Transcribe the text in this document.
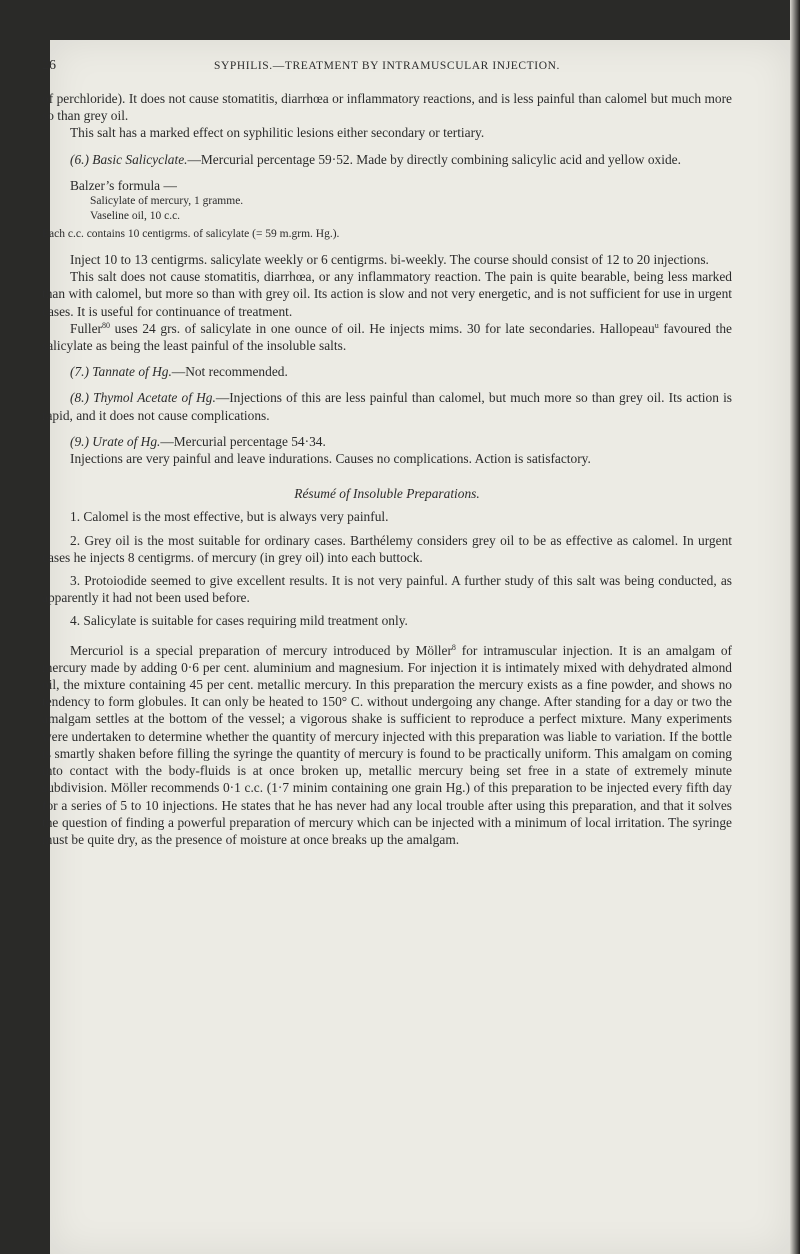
26	SYPHILIS.—TREATMENT BY INTRAMUSCULAR INJECTION.

of perchloride). It does not cause stomatitis, diarrhœa or inflammatory reactions, and is less painful than calomel but much more so than grey oil.

This salt has a marked effect on syphilitic lesions either secondary or tertiary.

(6.) Basic Salicyclate.—Mercurial percentage 59·52. Made by directly combining salicylic acid and yellow oxide.

Balzer’s formula —

Salicylate of mercury, 1 gramme.

Vaseline oil, 10 c.c.

Each c.c. contains 10 centigrms. of salicylate (= 59 m.grm. Hg.).

Inject 10 to 13 centigrms. salicylate weekly or 6 centigrms. bi-weekly. The course should consist of 12 to 20 injections.

This salt does not cause stomatitis, diarrhœa, or any inflammatory reaction. The pain is quite bearable, being less marked than with calomel, but more so than with grey oil. Its action is slow and not very energetic, and is not sufficient for use in urgent cases. It is useful for continuance of treatment.

Fuller$^{80}$ uses 24 grs. of salicylate in one ounce of oil. He injects mims. 30 for late secondaries. Hallopeau$^u$ favoured the salicylate as being the least painful of the insoluble salts.

(7.) Tannate of Hg.—Not recommended.

(8.) Thymol Acetate of Hg.—Injections of this are less painful than calomel, but much more so than grey oil. Its action is rapid, and it does not cause complications.

(9.) Urate of Hg.—Mercurial percentage 54·34.

Injections are very painful and leave indurations. Causes no complications. Action is satisfactory.

Résumé of Insoluble Preparations.

1. Calomel is the most effective, but is always very painful.

2. Grey oil is the most suitable for ordinary cases. Barthélemy considers grey oil to be as effective as calomel. In urgent cases he injects 8 centigrms. of mercury (in grey oil) into each buttock.

3. Protoiodide seemed to give excellent results. It is not very painful. A further study of this salt was being conducted, as apparently it had not been used before.

4. Salicylate is suitable for cases requiring mild treatment only.

Mercuriol is a special preparation of mercury introduced by Möller$^8$ for intramuscular injection. It is an amalgam of mercury made by adding 0·6 per cent. aluminium and magnesium. For injection it is intimately mixed with dehydrated almond oil, the mixture containing 45 per cent. metallic mercury. In this preparation the mercury exists as a fine powder, and shows no tendency to form globules. It can only be heated to 150° C. without undergoing any change. After standing for a day or two the amalgam settles at the bottom of the vessel; a vigorous shake is sufficient to reproduce a perfect mixture. Many experiments were undertaken to determine whether the quantity of mercury injected with this preparation was liable to variation. If the bottle is smartly shaken before filling the syringe the quantity of mercury is found to be practically uniform. This amalgam on coming into contact with the body-fluids is at once broken up, metallic mercury being set free in a state of extremely minute subdivision. Möller recommends 0·1 c.c. (1·7 minim containing one grain Hg.) of this preparation to be injected every fifth day for a series of 5 to 10 injections. He states that he has never had any local trouble after using this preparation, and that it solves the question of finding a powerful preparation of mercury which can be injected with a minimum of local irritation. The syringe must be quite dry, as the presence of moisture at once breaks up the amalgam.
